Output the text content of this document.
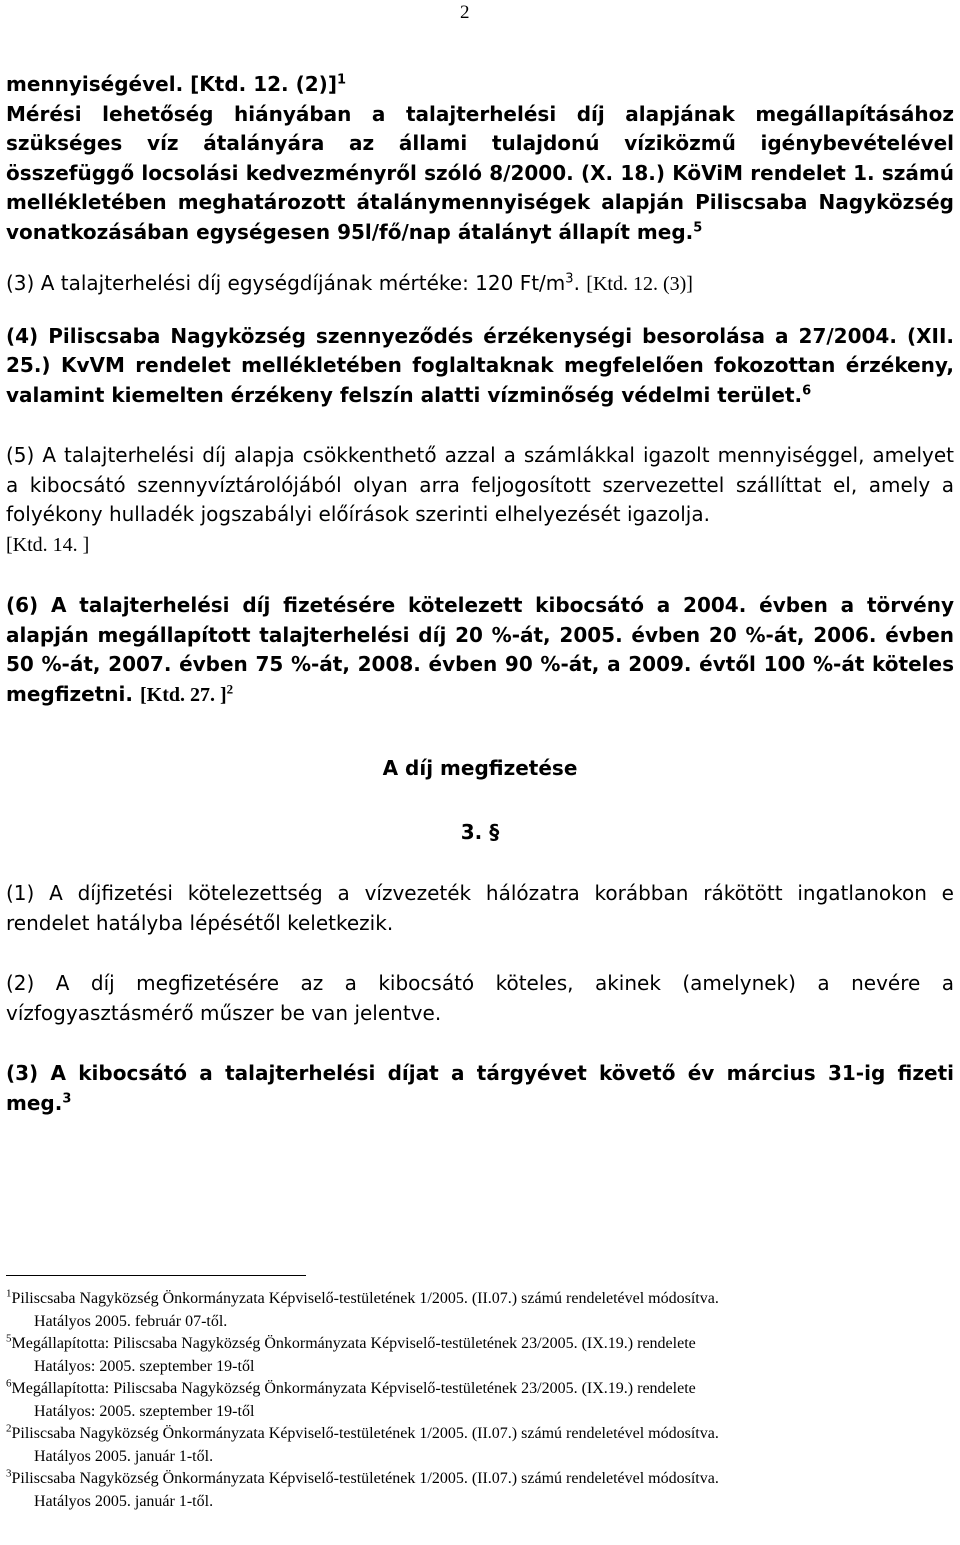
2
mennyiségével. [Ktd. 12. (2)]$^1$
Mérési lehetőség hiányában a talajterhelési díj alapjának megállapításához szükséges víz átalányára az állami tulajdonú víziközmű igénybevételével összefüggő locsolási kedvezményről szóló 8/2000. (X. 18.) KöViM rendelet 1. számú mellékletében meghatározott átalánymennyiségek alapján Piliscsaba Nagyközség vonatkozásában egységesen 95l/fő/nap átalányt állapít meg.$^5$
(3) A talajterhelési díj egységdíjának mértéke: 120 $Ft/m^3$. [Ktd. 12. (3)]
(4) Piliscsaba Nagyközség szennyeződés érzékenységi besorolása a 27/2004. (XII. 25.) KvVM rendelet mellékletében foglaltaknak megfelelően fokozottan érzékeny, valamint kiemelten érzékeny felszín alatti vízminőség védelmi terület.$^6$
(5) A talajterhelési díj alapja csökkenthető azzal a számlákkal igazolt mennyiséggel, amelyet a kibocsátó szennyvíztárolójából olyan arra feljogosított szervezettel szállíttat el, amely a folyékony hulladék jogszabályi előírások szerinti elhelyezését igazolja.
[Ktd. 14. ]
(6) A talajterhelési díj fizetésére kötelezett kibocsátó a 2004. évben a törvény alapján megállapított talajterhelési díj 20 %-át, 2005. évben 20 %-át, 2006. évben 50 %-át, 2007. évben 75 %-át, 2008. évben 90 %-át, a 2009. évtől 100 %-át köteles megfizetni. [Ktd. 27. ]$^2$
A díj megfizetése
3. §
(1) A díjfizetési kötelezettség a vízvezeték hálózatra korábban rákötött ingatlanokon e rendelet hatályba lépésétől keletkezik.
(2) A díj megfizetésére az a kibocsátó köteles, akinek (amelynek) a nevére a vízfogyasztásmérő műszer be van jelentve.
(3) A kibocsátó a talajterhelési díjat a tárgyévet követő év március 31-ig fizeti meg.$^3$
$^1$Piliscsaba Nagyközség Önkormányzata Képviselő-testületének 1/2005. (II.07.) számú rendeletével módosítva.
Hatályos 2005. február 07-től.
$^5$Megállapította: Piliscsaba Nagyközség Önkormányzata Képviselő-testületének 23/2005. (IX.19.) rendelete
Hatályos: 2005. szeptember 19-től
$^6$Megállapította: Piliscsaba Nagyközség Önkormányzata Képviselő-testületének 23/2005. (IX.19.) rendelete
Hatályos: 2005. szeptember 19-től
$^2$Piliscsaba Nagyközség Önkormányzata Képviselő-testületének 1/2005. (II.07.) számú rendeletével módosítva.
Hatályos 2005. január 1-től.
$^3$Piliscsaba Nagyközség Önkormányzata Képviselő-testületének 1/2005. (II.07.) számú rendeletével módosítva.
Hatályos 2005. január 1-től.
